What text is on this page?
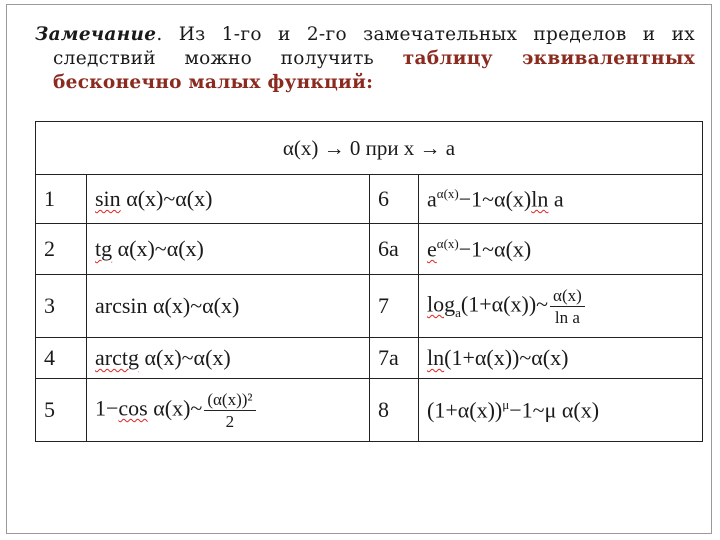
Замечание. Из 1-го и 2-го замечательных пределов и их
следствий можно получить таблицу эквивалентных
бесконечно малых функций:
α(x) → 0 при x → a			
1	sin α(x)~α(x)	6	$a^{\alpha(x)}-1\sim\alpha(x)\ln$ a
2	tg α(x)~α(x)	6а	$e^{\alpha(x)}-1\sim\alpha(x)$
3	arcsin α(x)~α(x)	7	$\log_a(1+\alpha(x))\sim \frac{\alpha(x)}{\text{ln a}}$

4	arctg α(x)~α(x)	7а	ln(1+α(x))~α(x)
5	1−cos α(x)~ $\frac{\text{(α(x))²}}{2}$	8	$(1+\alpha(x))^\mu-1\sim\mu$ α(x)
